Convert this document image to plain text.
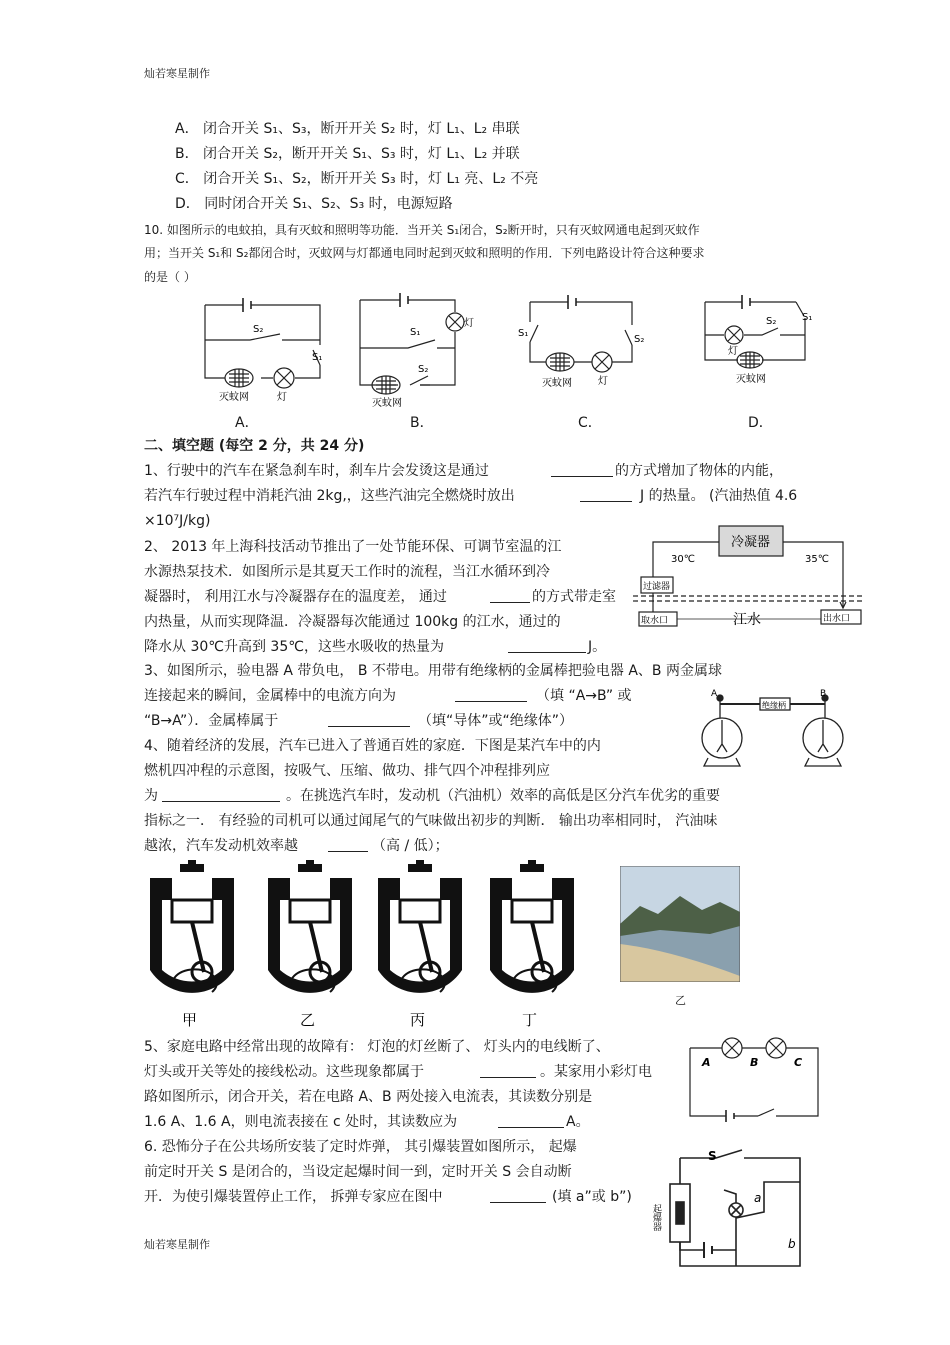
灿若寒星制作
A． 闭合开关 S₁、S₃，断开开关 S₂ 时，灯 L₁、L₂ 串联
B． 闭合开关 S₂，断开开关 S₁、S₃ 时，灯 L₁、L₂ 并联
C． 闭合开关 S₁、S₂，断开开关 S₃ 时，灯 L₁ 亮、L₂ 不亮
D． 同时闭合开关 S₁、S₂、S₃ 时，电源短路
10. 如图所示的电蚊拍，具有灭蚊和照明等功能．当开关 S₁闭合，S₂断开时，只有灭蚊网通电起到灭蚊作
用；当开关 S₁和 S₂都闭合时，灭蚊网与灯都通电同时起到灭蚊和照明的作用．下列电路设计符合这种要求
的是（ ）
S₂
S₁
灭蚊网	灯
灯
S₁
S₂
灭蚊网
S₁
S₂
灭蚊网	灯
S₂	S₁
灯
灭蚊网
A．	B．	C．	D．
二、填空题 (每空 2 分，共 24 分)
1、行驶中的汽车在紧急刹车时，刹车片会发烫这是通过	的方式增加了物体的内能，
若汽车行驶过程中消耗汽油 2kg,，这些汽油完全燃烧时放出	J 的热量。 (汽油热值 4.6
×10⁷J/kg)
2、 2013 年上海科技活动节推出了一处节能环保、可调节室温的江
水源热泵技术．如图所示是其夏天工作时的流程，当江水循环到冷
凝器时， 利用江水与冷凝器存在的温度差， 通过	的方式带走室
内热量，从而实现降温．冷凝器每次能通过 100kg 的江水，通过的
降水从 30℃升高到 35℃，这些水吸收的热量为	J。
冷凝器
30℃	35℃
过滤器
取水口	江水	出水口
3、如图所示，验电器 A 带负电， B 不带电。用带有绝缘柄的金属棒把验电器 A、B 两金属球
连接起来的瞬间，金属棒中的电流方向为	（填 “A→B” 或
“B→A”）．金属棒属于	（填“导体”或“绝缘体”）
A	B
绝缘柄
4、随着经济的发展，汽车已进入了普通百姓的家庭．下图是某汽车中的内
燃机四冲程的示意图，按吸气、压缩、做功、排气四个冲程排列应
为	。在挑选汽车时，发动机（汽油机）效率的高低是区分汽车优劣的重要
指标之一． 有经验的司机可以通过闻尾气的气味做出初步的判断． 输出功率相同时， 汽油味
越浓，汽车发动机效率越	（高 / 低）；
甲	乙	丙	丁
乙
5、家庭电路中经常出现的故障有： 灯泡的灯丝断了、 灯头内的电线断了、
灯头或开关等处的接线松动。这些现象都属于	。某家用小彩灯电
路如图所示，闭合开关，若在电路 A、B 两处接入电流表，其读数分别是
1.6 A、1.6 A，则电流表接在 c 处时，其读数应为	A。
A	B	C
6. 恐怖分子在公共场所安装了定时炸弹， 其引爆装置如图所示， 起爆
前定时开关 S 是闭合的，当设定起爆时间一到，定时开关 S 会自动断
开．为使引爆装置停止工作， 拆弹专家应在图中	(填 a”或 b”)
S
a
b
起爆器
灿若寒星制作
